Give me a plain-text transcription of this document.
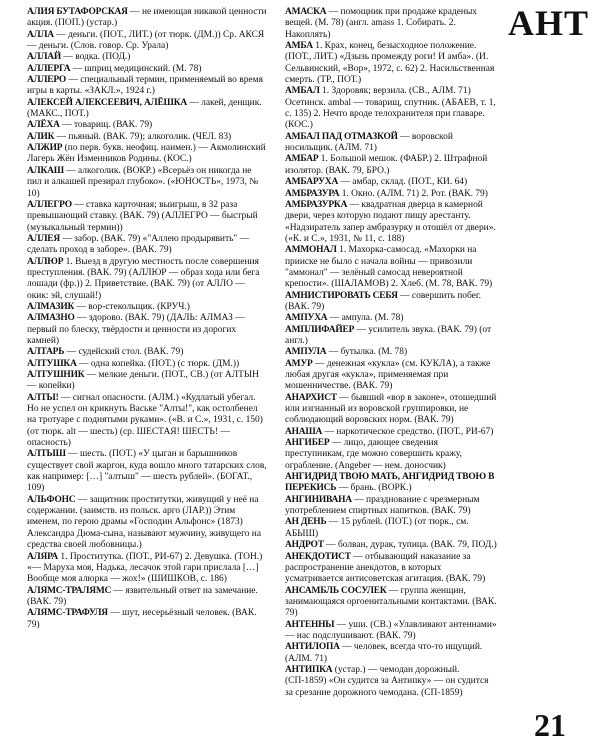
АНТ

АЛИЯ БУТАФОРСКАЯ — не имеющая никакой ценности акция. (ПОП.) (устар.)

АЛЛА — деньги. (ПОТ., ЛИТ.) (от тюрк. (ДМ.)) Ср. АКСЯ — деньги. (Слов. говор. Ср. Урала)

АЛЛАЙ — водка. (ПОД.)

АЛЛЕРГА — шприц медицинский. (М. 78)

АЛЛЕРО — специальный термин, применяемый во время игры в карты. «ЗАКЛ.», 1924 г.)

АЛЕКСЕЙ АЛЕКСЕЕВИЧ, АЛЁШКА — лакей, денщик. (МАКС., ПОТ.)

АЛЁХА — товарищ. (ВАК. 79)

АЛИК — пьяный. (ВАК. 79); алкоголик. (ЧЕЛ. 83)

АЛЖИР (по перв. букв. неофиц. наимен.) — Акмолинский Лагерь Жён Изменников Родины. (КОС.)

АЛКАШ — алкоголик. (ВОКР.) «Всерьёз он никогда не пил и алкашей презирал глубоко». («ЮНОСТЬ», 1973, № 10)

АЛЛЕГРО — ставка карточная; выигрыш, в 32 раза превышающий ставку. (ВАК. 79) (АЛЛЕГРО — быстрый (музыкальный термин))

АЛЛЕЯ — забор. (ВАК. 79) «"Аллею продырявить" — сделать проход в заборе». (ВАК. 79)

АЛЛЮР 1. Выезд в другую местность после совершения преступления. (ВАК. 79) (АЛЛЮР — образ хода или бега лошади (фр.)) 2. Приветствие. (ВАК. 79) (от АЛЛО — окик: эй, слушай!)

АЛМАЗИК — вор-стекольщик. (КРУЧ.)

АЛМАЗНО — здорово. (ВАК. 79) (ДАЛЬ: АЛМАЗ — первый по блеску, твёрдости и ценности из дорогих камней)

АЛТАРЬ — судейский стол. (ВАК. 79)

АЛТУШКА — одна копейка. (ПОТ.) (с тюрк. (ДМ.))

АЛТУШНИК — мелкие деньги. (ПОТ., СВ.) (от АЛТЫН — копейки)

АЛТЫ! — сигнал опасности. (АЛМ.) «Кудлатый убегал. Но не успел он крикнуть Ваське "Алты!", как остолбенел на тротуаре с поднятыми руками». («В. и С.», 1931, с. 150) (от тюрк. alt — шесть) (ср. ШЕСТАЯ! ШЕСТЬ! — опасность)

АЛТЫШ — шесть. (ПОТ.) «У цыган и барышников существует свой жаргон, куда вошло много татарских слов, как например: […] "алтыш" — шесть рублей». (БОГАТ., 109)

АЛЬФОНС — защитник проститутки, живущий у неё на содержании. (заимств. из польск. арго (ЛАР.)) Этим именем, по герою драмы «Господин Альфонс» (1873) Александра Дюма-сына, называют мужчину, живущего на средства своей любовницы.)

АЛЯРА 1. Проститутка. (ПОТ., РИ-67) 2. Девушка. (ТОН.) «— Маруха моя, Надька, лесачок этой гари прислала […] Вообще моя алюрка — жох!» (ШИШКОВ, с. 186)

АЛЯМС-ТРАЛЯМС — язвительный ответ на замечание. (ВАК. 79)

АЛЯМС-ТРАФУЛЯ — шут, несерьёзный человек. (ВАК. 79)

АМАСКА — помощник при продаже краденых вещей. (М. 78) (англ. amass 1. Собирать. 2. Накоплять)

АМБА 1. Крах, конец, безысходное положение. (ПОТ., ЛИТ.) «Дзызь промежду роги! И амба». (И. Сельвинский, «Вор», 1972, с. 62) 2. Насильственная смерть. (ТР., ПОТ.)

АМБАЛ 1. Здоровяк; верзила. (СВ., АЛМ. 71) Осетинск. ambal — товарищ, спутник. (АБАЕВ, т. 1, с. 135) 2. Нечто вроде телохранителя при главаре. (КОС.)

АМБАЛ ПАД ОТМАЗКОЙ — воровской носильщик. (АЛМ. 71)

АМБАР 1. Большой мешок. (ФАБР.) 2. Штрафной изолятор. (ВАК. 79, БРО.)

АМБАРУХА — амбар, склад. (ПОТ., КИ. 64)

АМБРАЗУРА 1. Окно. (АЛМ. 71) 2. Рот. (ВАК. 79)

АМБРАЗУРКА — квадратная дверца в камерной двери, через которую подают пищу арестанту. «Надзиратель запер амбразурку и отошёл от двери». («К. и С.», 1931, № 11, с. 188)

АММОНАЛ 1. Махорка-самосад. «Махорки на прииске не было с начала войны — привозили "аммонал" — зелёный самосад невероятной крепости». (ШАЛАМОВ) 2. Хлеб. (М. 78, ВАК. 79)

АМНИСТИРОВАТЬ СЕБЯ — совершить побег. (ВАК. 79)

АМПУХА — ампула. (М. 78)

АМПЛИФАЙЕР — усилитель звука. (ВАК. 79) (от англ.)

АМПУЛА — бутылка. (М. 78)

АМУР — денежная «кукла» (см. КУКЛА), а также любая другая «кукла», применяемая при мошенничестве. (ВАК. 79)

АНАРХИСТ — бывший «вор в законе», отошедший или изгнанный из воровской группировки, не соблюдающий воровских норм. (ВАК. 79)

АНАША — наркотическое средство. (ПОТ., РИ-67)

АНГИБЕР — лицо, дающее сведения преступникам, где можно совершить кражу, ограбление. (Angeber — нем. доносчик)

АНГИДРИД ТВОЮ МАТЬ, АНГИДРИД ТВОЮ В ПЕРЕКИСЬ — брань. (ВОРК.)

АНГИНИВАНА — празднование с чрезмерным употреблением спиртных напитков. (ВАК. 79)

АН ДЕНЬ — 15 рублей. (ПОТ.) (от тюрк., см. АБЫШ)

АНДРОТ — болван, дурак, тупица. (ВАК. 79, ПОД.)

АНЕКДОТИСТ — отбывающий наказание за распространение анекдотов, в которых усматривается антисоветская агитация. (ВАК. 79)

АНСАМБЛЬ СОСУЛЕК — группа женщин, занимающаяся оргоенитальными контактами. (ВАК. 79)

АНТЕННЫ — уши. (СВ.) «Улавливают антеннами» — нас подслушивают. (ВАК. 79)

АНТИЛОПА — человек, всегда что-то ищущий. (АЛМ. 71)

АНТИПКА (устар.) — чемодан дорожный. (СП-1859) «Он судится за Антипку» — он судится за срезание дорожного чемодана. (СП-1859)

21
